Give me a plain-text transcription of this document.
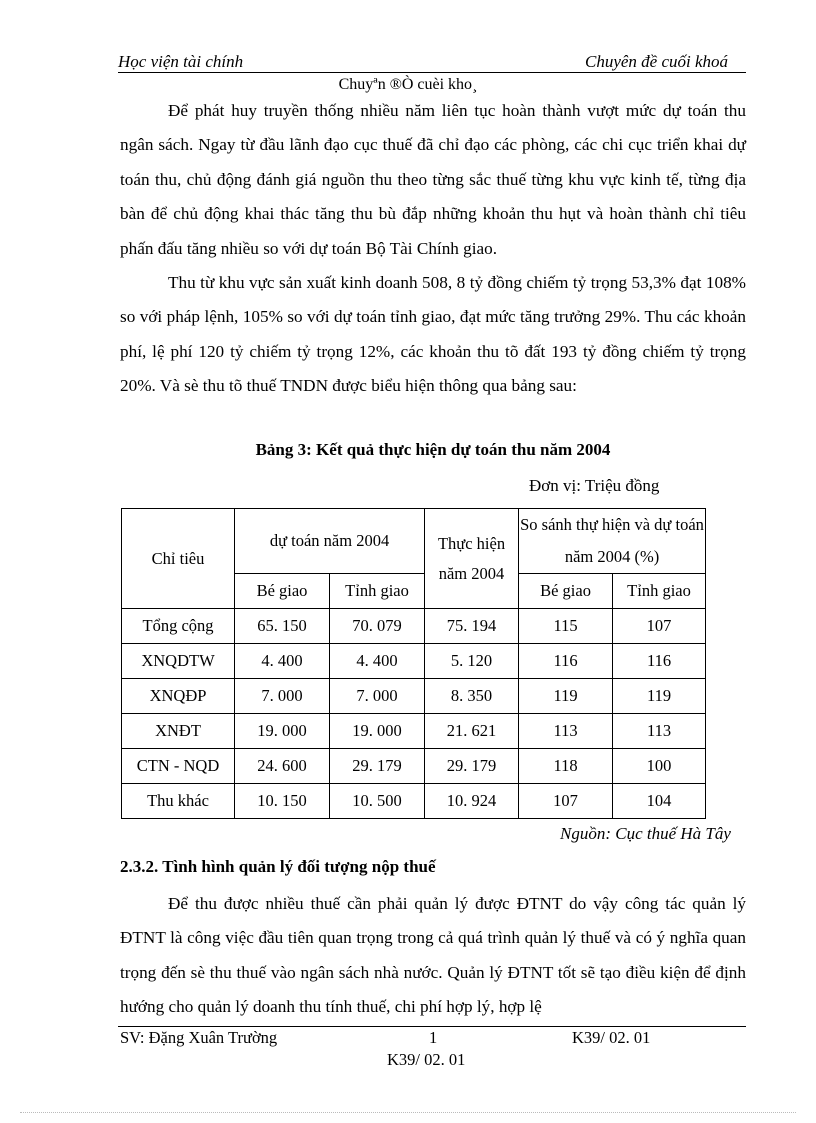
Học viện tài chính	Chuyên đề cuối khoá
Chuyªn ®Ò cuèi kho¸

Để phát huy truyền thống nhiều năm liên tục hoàn thành vượt mức dự toán thu ngân sách. Ngay từ đầu lãnh đạo cục thuế đã chỉ đạo các phòng, các chi cục triển khai dự toán thu, chủ động đánh giá nguồn thu theo từng sắc thuế từng khu vực kinh tế, từng địa bàn để chủ động khai thác tăng thu bù đắp những khoản thu hụt và hoàn thành chỉ tiêu phấn đấu tăng nhiều so với dự toán Bộ Tài Chính giao.

Thu từ khu vực sản xuất kinh doanh 508, 8 tỷ đồng chiếm tỷ trọng 53,3% đạt 108% so với pháp lệnh, 105% so với dự toán tỉnh giao, đạt mức tăng trưởng 29%. Thu các khoản phí, lệ phí 120 tỷ chiếm tỷ trọng 12%, các khoản thu tõ đất 193 tỷ đồng chiếm tỷ trọng 20%. Và sè thu tõ thuế TNDN được biểu hiện thông qua bảng sau:

Bảng 3: Kết quả thực hiện dự toán thu năm 2004
Đơn vị: Triệu đồng
Chỉ tiêu	dự toán năm 2004		Thực hiện năm 2004	So sánh thự hiện và dự toán năm 2004 (%)	
	Bé giao	Tỉnh giao		Bé giao	Tỉnh giao
Tổng cộng	65. 150	70. 079	75. 194	115	107
XNQDTW	4. 400	4. 400	5. 120	116	116
XNQĐP	7. 000	7. 000	8. 350	119	119
XNĐT	19. 000	19. 000	21. 621	113	113
CTN - NQD	24. 600	29. 179	29. 179	118	100
Thu khác	10. 150	10. 500	10. 924	107	104
Nguồn: Cục thuế Hà Tây
2.3.2. Tình hình quản lý đối tượng nộp thuế

Để thu được nhiều thuế cần phải quản lý được ĐTNT do vậy công tác quản lý ĐTNT là công việc đầu tiên quan trọng trong cả quá trình quản lý thuế và có ý nghĩa quan trọng đến sè thu thuế vào ngân sách nhà nước. Quản lý ĐTNT tốt sẽ tạo điều kiện để định hướng cho quản lý doanh thu tính thuế, chi phí hợp lý, hợp lệ

SV: Đặng Xuân Trường	1	K39/ 02. 01
K39/ 02. 01
